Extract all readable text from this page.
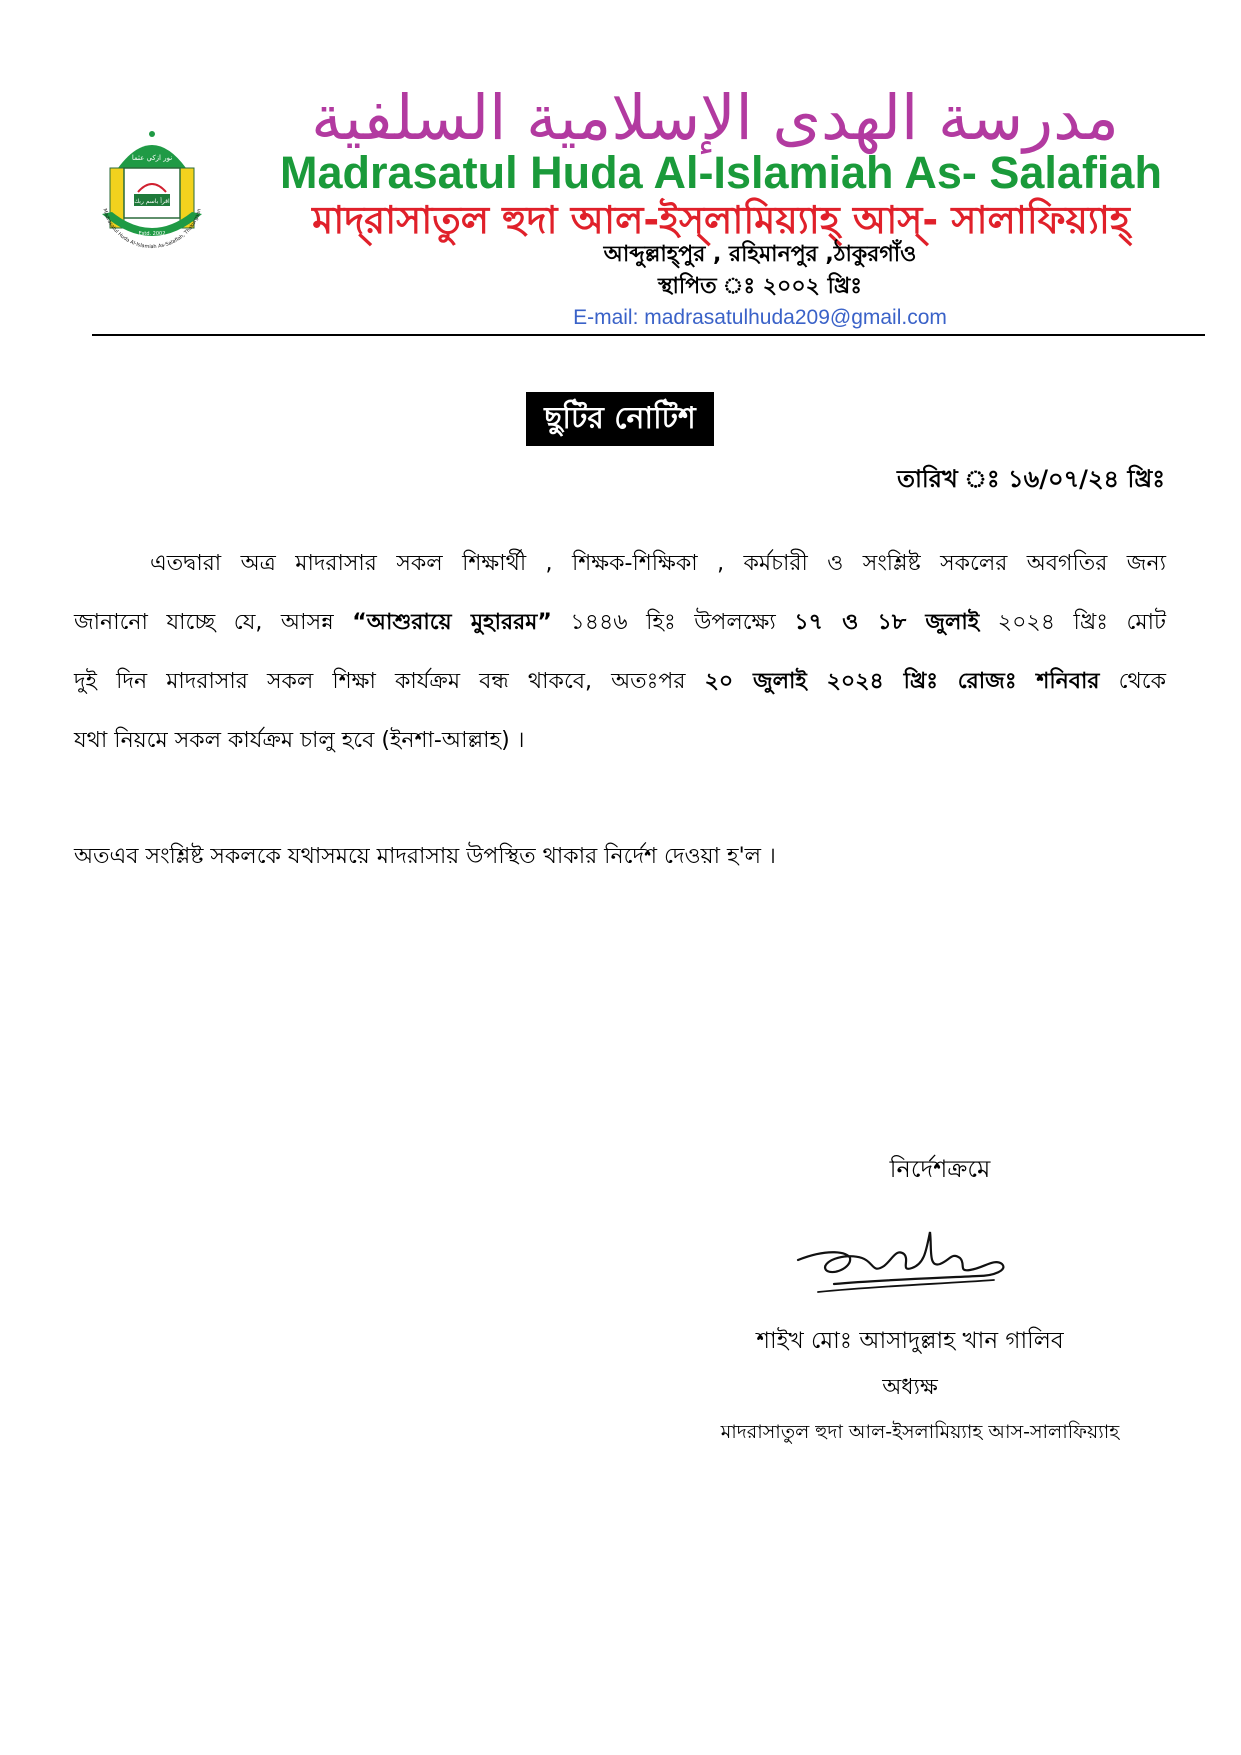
نور ازكي عثما
اقرأ باسم ربك
Madrasatul Huda Al-Islamiah As-Salafiah, Thakurgaon
MHIS
Estd. 2002
مدرسة الهدى الإسلامية السلفية
Madrasatul Huda Al-Islamiah As- Salafiah
মাদ্‌রাসাতুল হুদা আল-ইস্‌লামিয়্যাহ্‌ আস্‌- সালাফিয়্যাহ্‌
আব্দুল্লাহ্‌পুর , রহিমানপুর ,ঠাকুরগাঁও
স্থাপিত ঃ ২০০২ খ্রিঃ
E-mail: madrasatulhuda209@gmail.com
ছুটির নোটিশ
তারিখ ঃ ১৬/০৭/২৪ খ্রিঃ
এতদ্বারা অত্র মাদরাসার সকল শিক্ষার্থী , শিক্ষক-শিক্ষিকা , কর্মচারী ও সংশ্লিষ্ট সকলের অবগতির জন্য
জানানো যাচ্ছে যে, আসন্ন “আশুরায়ে মুহাররম” ১৪৪৬ হিঃ উপলক্ষ্যে ১৭ ও ১৮ জুলাই ২০২৪ খ্রিঃ মোট
দুই দিন মাদরাসার সকল শিক্ষা কার্যক্রম বন্ধ থাকবে, অতঃপর ২০ জুলাই ২০২৪ খ্রিঃ রোজঃ শনিবার থেকে
যথা নিয়মে সকল কার্যক্রম চালু হবে (ইনশা-আল্লাহ) ।
অতএব সংশ্লিষ্ট সকলকে যথাসময়ে মাদরাসায় উপস্থিত থাকার নির্দেশ দেওয়া হ'ল ।
নির্দেশক্রমে
শাইখ মোঃ আসাদুল্লাহ খান গালিব
অধ্যক্ষ
মাদরাসাতুল হুদা আল-ইসলামিয়্যাহ আস-সালাফিয়্যাহ
